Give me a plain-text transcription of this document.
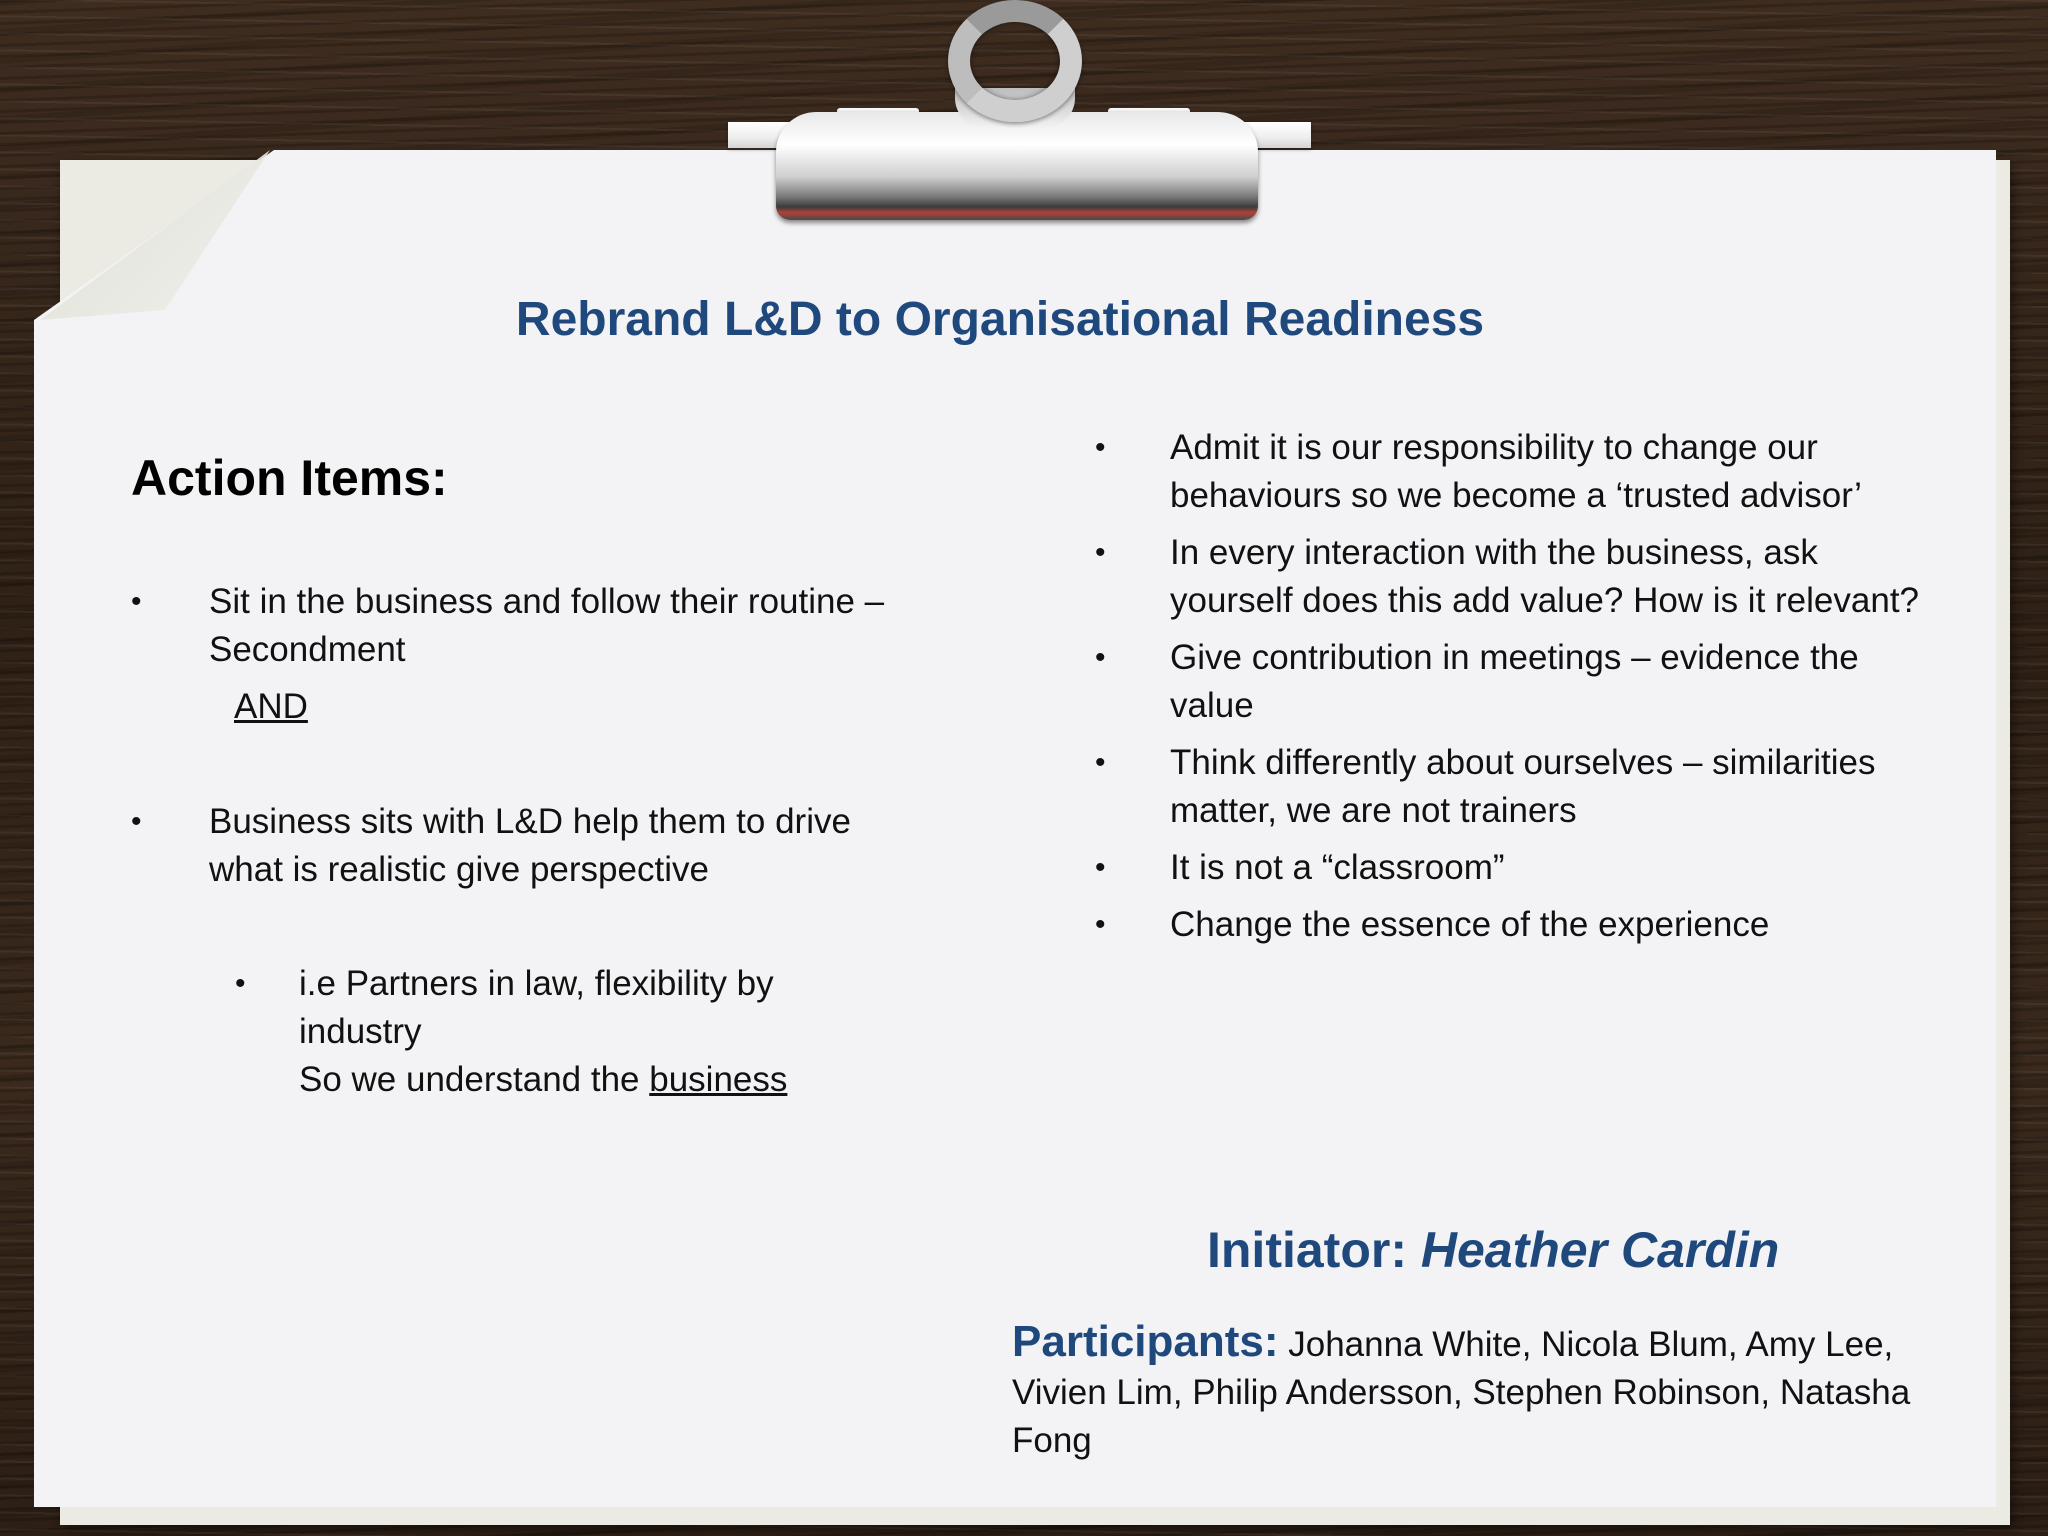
Rebrand L&D to Organisational Readiness
Action Items:
• Sit in the business and follow their routine –
Secondment
• Business sits with L&D help them to drive
what is realistic give perspective
• i.e Partners in law, flexibility by
industry
So we understand the business
AND
• Admit it is our responsibility to change our
behaviours so we become a ‘trusted advisor’
• In every interaction with the business, ask
yourself does this add value? How is it relevant?
• Give contribution in meetings – evidence the
value
• Think differently about ourselves – similarities
matter, we are not trainers
• It is not a “classroom”
• Change the essence of the experience
Initiator: Heather Cardin
Participants: Johanna White, Nicola Blum, Amy Lee, Vivien Lim, Philip Andersson, Stephen Robinson, Natasha Fong
